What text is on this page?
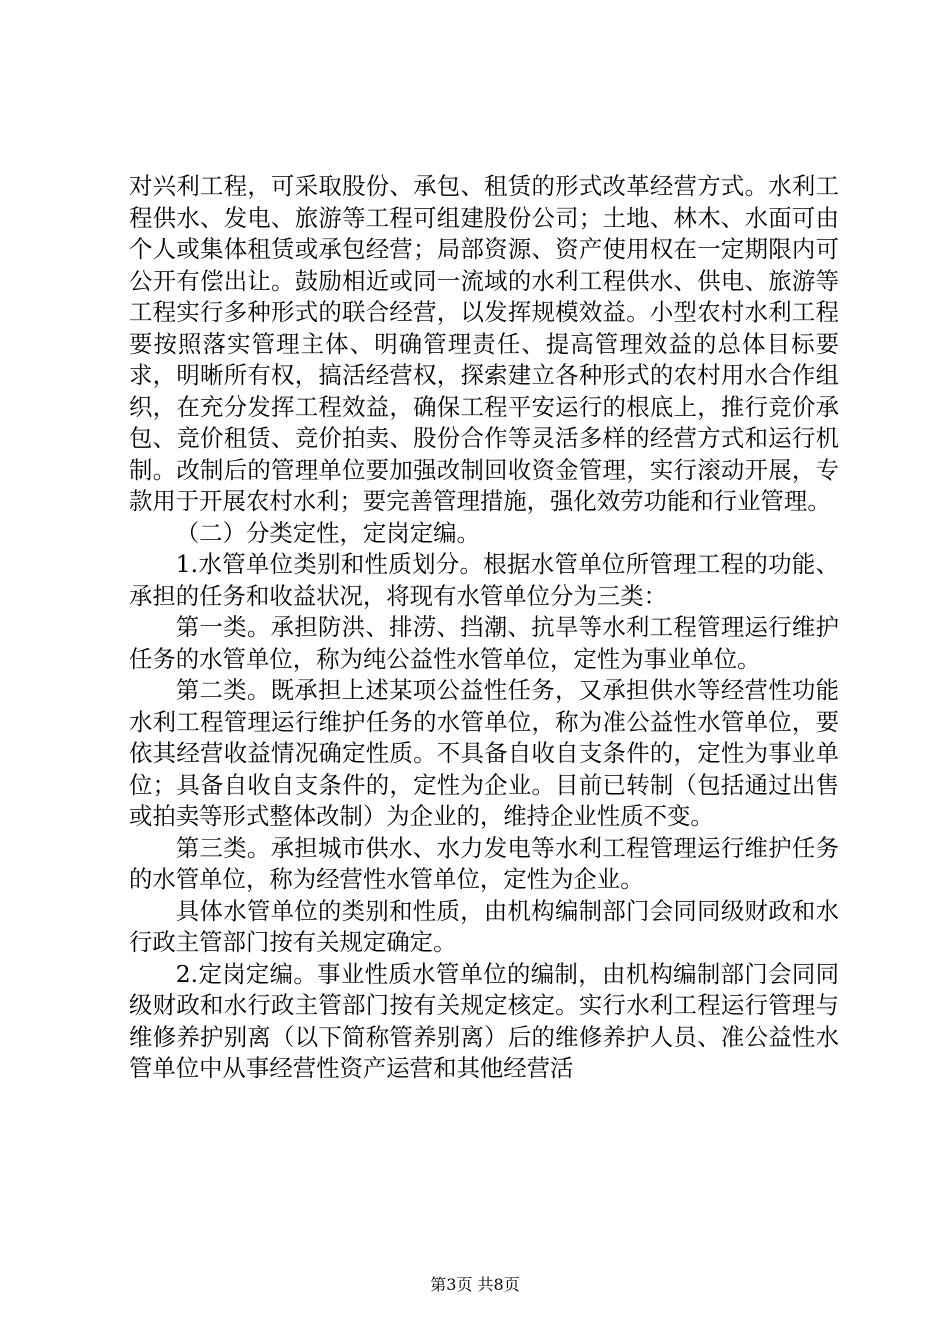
对兴利工程，可采取股份、承包、租赁的形式改革经营方式。水利工程供水、发电、旅游等工程可组建股份公司；土地、林木、水面可由个人或集体租赁或承包经营；局部资源、资产使用权在一定期限内可公开有偿出让。鼓励相近或同一流域的水利工程供水、供电、旅游等工程实行多种形式的联合经营，以发挥规模效益。小型农村水利工程要按照落实管理主体、明确管理责任、提高管理效益的总体目标要求，明晰所有权，搞活经营权，探索建立各种形式的农村用水合作组织，在充分发挥工程效益，确保工程平安运行的根底上，推行竞价承包、竞价租赁、竞价拍卖、股份合作等灵活多样的经营方式和运行机制。改制后的管理单位要加强改制回收资金管理，实行滚动开展，专款用于开展农村水利；要完善管理措施，强化效劳功能和行业管理。

（二）分类定性，定岗定编。

1.水管单位类别和性质划分。根据水管单位所管理工程的功能、承担的任务和收益状况，将现有水管单位分为三类：

第一类。承担防洪、排涝、挡潮、抗旱等水利工程管理运行维护任务的水管单位，称为纯公益性水管单位，定性为事业单位。

第二类。既承担上述某项公益性任务，又承担供水等经营性功能水利工程管理运行维护任务的水管单位，称为准公益性水管单位，要依其经营收益情况确定性质。不具备自收自支条件的，定性为事业单位；具备自收自支条件的，定性为企业。目前已转制（包括通过出售或拍卖等形式整体改制）为企业的，维持企业性质不变。

第三类。承担城市供水、水力发电等水利工程管理运行维护任务的水管单位，称为经营性水管单位，定性为企业。

具体水管单位的类别和性质，由机构编制部门会同同级财政和水行政主管部门按有关规定确定。

2.定岗定编。事业性质水管单位的编制，由机构编制部门会同同级财政和水行政主管部门按有关规定核定。实行水利工程运行管理与维修养护别离（以下简称管养别离）后的维修养护人员、准公益性水管单位中从事经营性资产运营和其他经营活

第3页 共8页
